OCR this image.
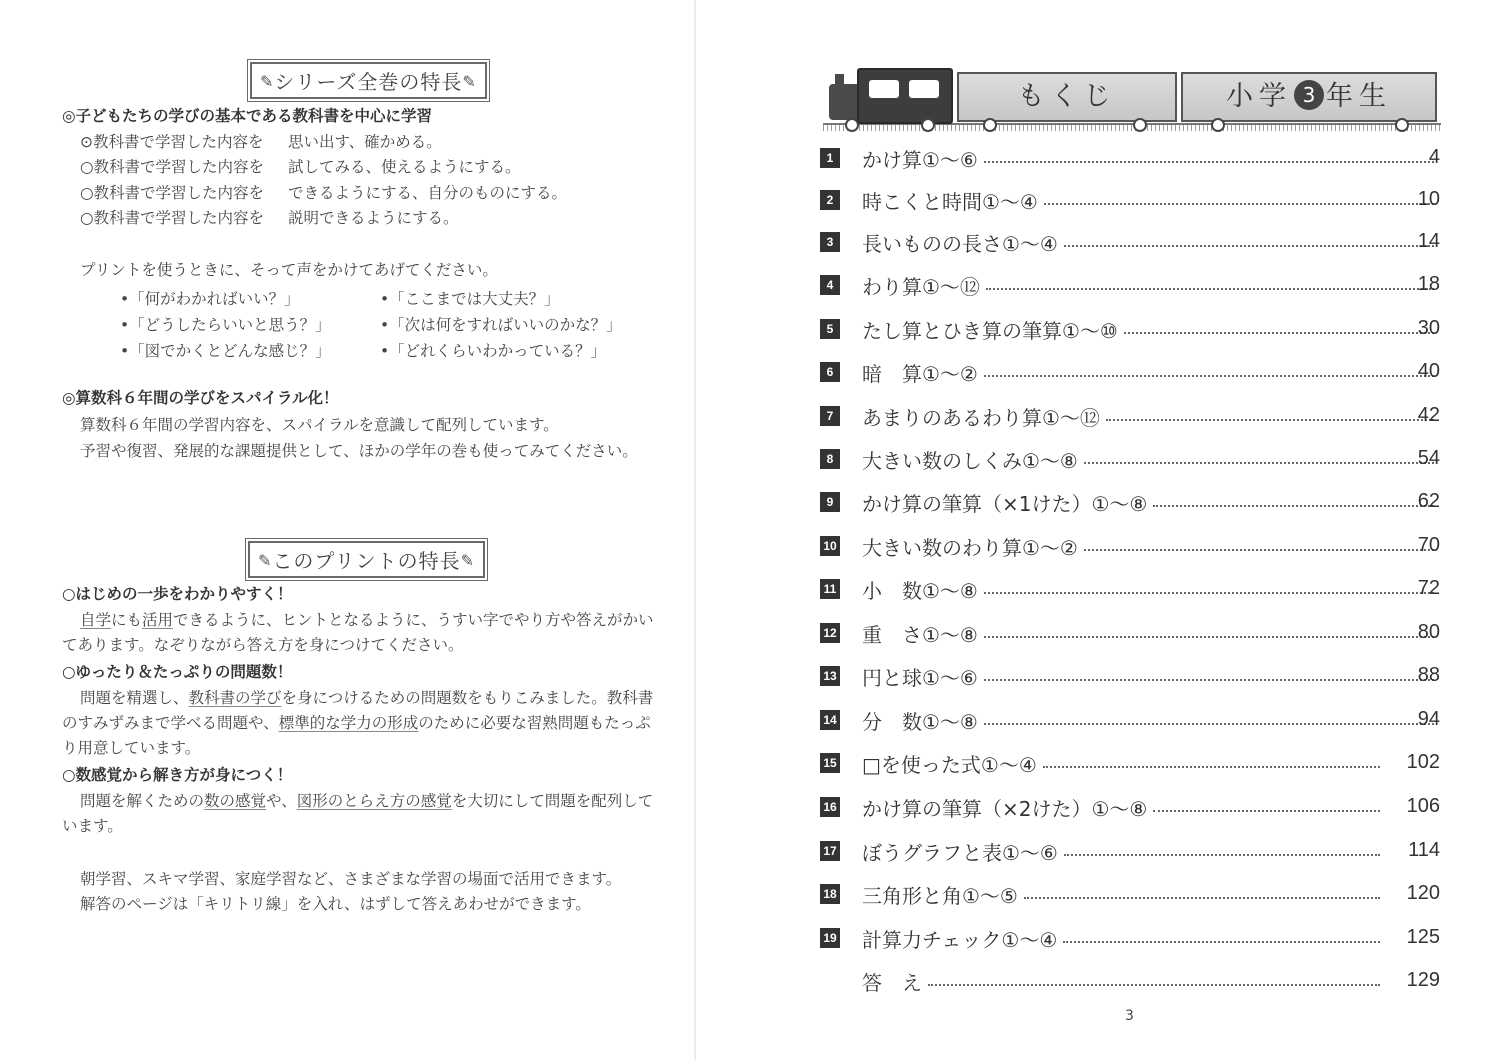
✎シリーズ全巻の特長✎
◎子どもたちの学びの基本である教科書を中心に学習
⊙教科書で学習した内容を 思い出す、確かめる。
○教科書で学習した内容を 試してみる、使えるようにする。
○教科書で学習した内容を できるようにする、自分のものにする。
○教科書で学習した内容を 説明できるようにする。
プリントを使うときに、そって声をかけてあげてください。
•「何がわかればいい？」
•「どうしたらいいと思う？」
•「図でかくとどんな感じ？」
•「ここまでは大丈夫？」
•「次は何をすればいいのかな？」
•「どれくらいわかっている？」
◎算数科６年間の学びをスパイラル化！
算数科６年間の学習内容を、スパイラルを意識して配列しています。
予習や復習、発展的な課題提供として、ほかの学年の巻も使ってみてください。
✎このプリントの特長✎
○はじめの一歩をわかりやすく！
自学にも活用できるように、ヒントとなるように、うすい字でやり方や答えがかい
てあります。なぞりながら答え方を身につけてください。
○ゆったり＆たっぷりの問題数！
問題を精選し、教科書の学びを身につけるための問題数をもりこみました。教科書
のすみずみまで学べる問題や、標準的な学力の形成のために必要な習熟問題もたっぷ
り用意しています。
○数感覚から解き方が身につく！
問題を解くための数の感覚や、図形のとらえ方の感覚を大切にして問題を配列して
います。
朝学習、スキマ学習、家庭学習など、さまざまな学習の場面で活用できます。
解答のページは「キリトリ線」を入れ、はずして答えあわせができます。
もくじ	小学 3 年生
1	かけ算①〜⑥	4
2	時こくと時間①〜④	10
3	長いものの長さ①〜④	14
4	わり算①〜⑫	18
5	たし算とひき算の筆算①〜⑩	30
6	暗　算①〜②	40
7	あまりのあるわり算①〜⑫	42
8	大きい数のしくみ①〜⑧	54
9	かけ算の筆算（×1けた）①〜⑧	62
10 大きい数のわり算①〜②	70
11 小　数①〜⑧	72
12 重　さ①〜⑧	80
13 円と球①〜⑥	88
14 分　数①〜⑧	94
15 □を使った式①〜④	102
16 かけ算の筆算（×2けた）①〜⑧	106
17 ぼうグラフと表①〜⑥	114
18 三角形と角①〜⑤	120
19 計算力チェック①〜④	125
答　え	129
3
